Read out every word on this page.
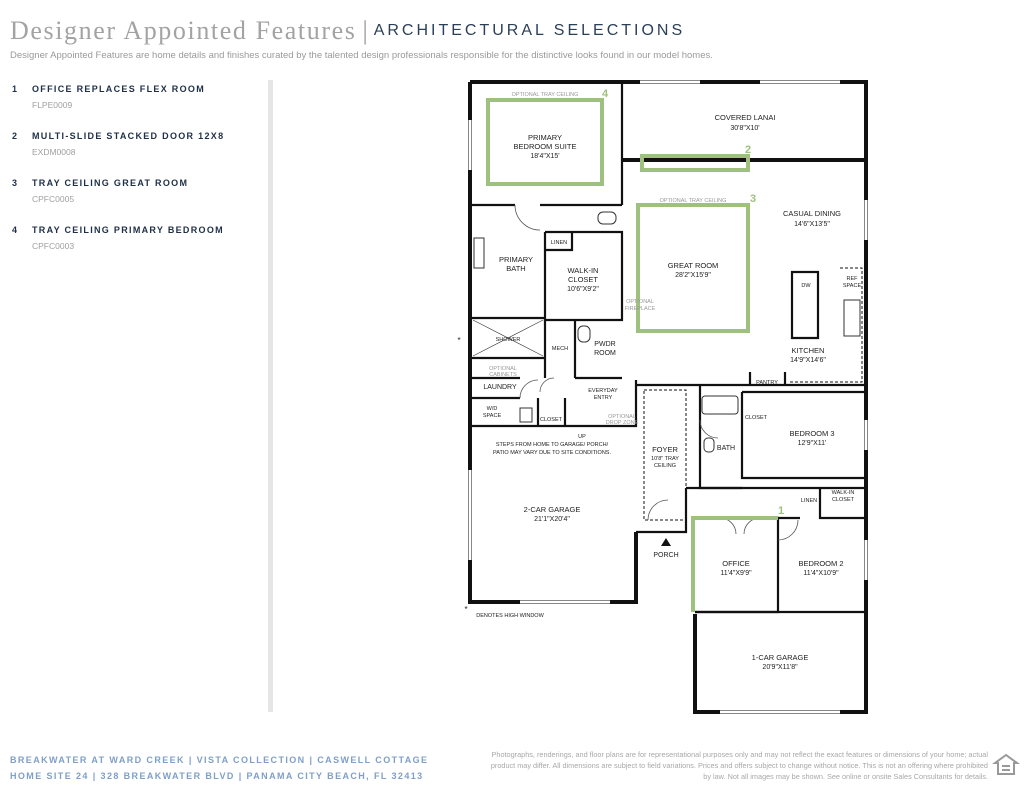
Designer Appointed Features | ARCHITECTURAL SELECTIONS
Designer Appointed Features are home details and finishes curated by the talented design professionals responsible for the distinctive looks found in our model homes.
1 OFFICE REPLACES FLEX ROOM
FLPE0009
2 MULTI-SLIDE STACKED DOOR 12X8
EXDM0008
3 TRAY CEILING GREAT ROOM
CPFC0005
4 TRAY CEILING PRIMARY BEDROOM
CPFC0003
4
2
3
1
COVERED LANAI
30'8"X10'
PRIMARY
BEDROOM SUITE
18'4"X15'
CASUAL DINING
14'6"X13'5"
GREAT ROOM
28'2"X15'9"
PRIMARY
BATH	WALK-IN
CLOSET
10'6"X9'2"
KITCHEN
14'9"X14'6"
BEDROOM 3
12'9"X11'
2-CAR GARAGE
21'1"X20'4"
FOYER
10'8" TRAY
CEILING
OFFICE
11'4"X9'9"
BEDROOM 2
11'4"X10'9"
1-CAR GARAGE
20'9"X11'8"
LINEN
SHOWER
MECH
PWDR
ROOM
LAUNDRY
OPTIONAL
CABINETS
W/D
SPACE
CLOSET
EVERYDAY
ENTRY
OPTIONAL
DROP ZONE
UP
STEPS FROM HOME TO GARAGE/ PORCH/
PATIO MAY VARY DUE TO SITE CONDITIONS.
PANTRY
CLOSET
BATH
LINEN
WALK-IN
CLOSET
PORCH
DW
REF
SPACE
OPTIONAL
FIREPLACE
OPTIONAL TRAY CEILING
OPTIONAL TRAY CEILING
DENOTES HIGH WINDOW
*
*
BREAKWATER AT WARD CREEK | VISTA COLLECTION | CASWELL COTTAGE
HOME SITE 24 | 328 BREAKWATER BLVD | PANAMA CITY BEACH, FL 32413
Photographs, renderings, and floor plans are for representational purposes only and may not reflect the exact features or dimensions of your home; actual product may differ. All dimensions are subject to field variations. Prices and offers subject to change without notice. This is not an offering where prohibited by law. Not all images may be shown. See online or onsite Sales Consultants for details.
